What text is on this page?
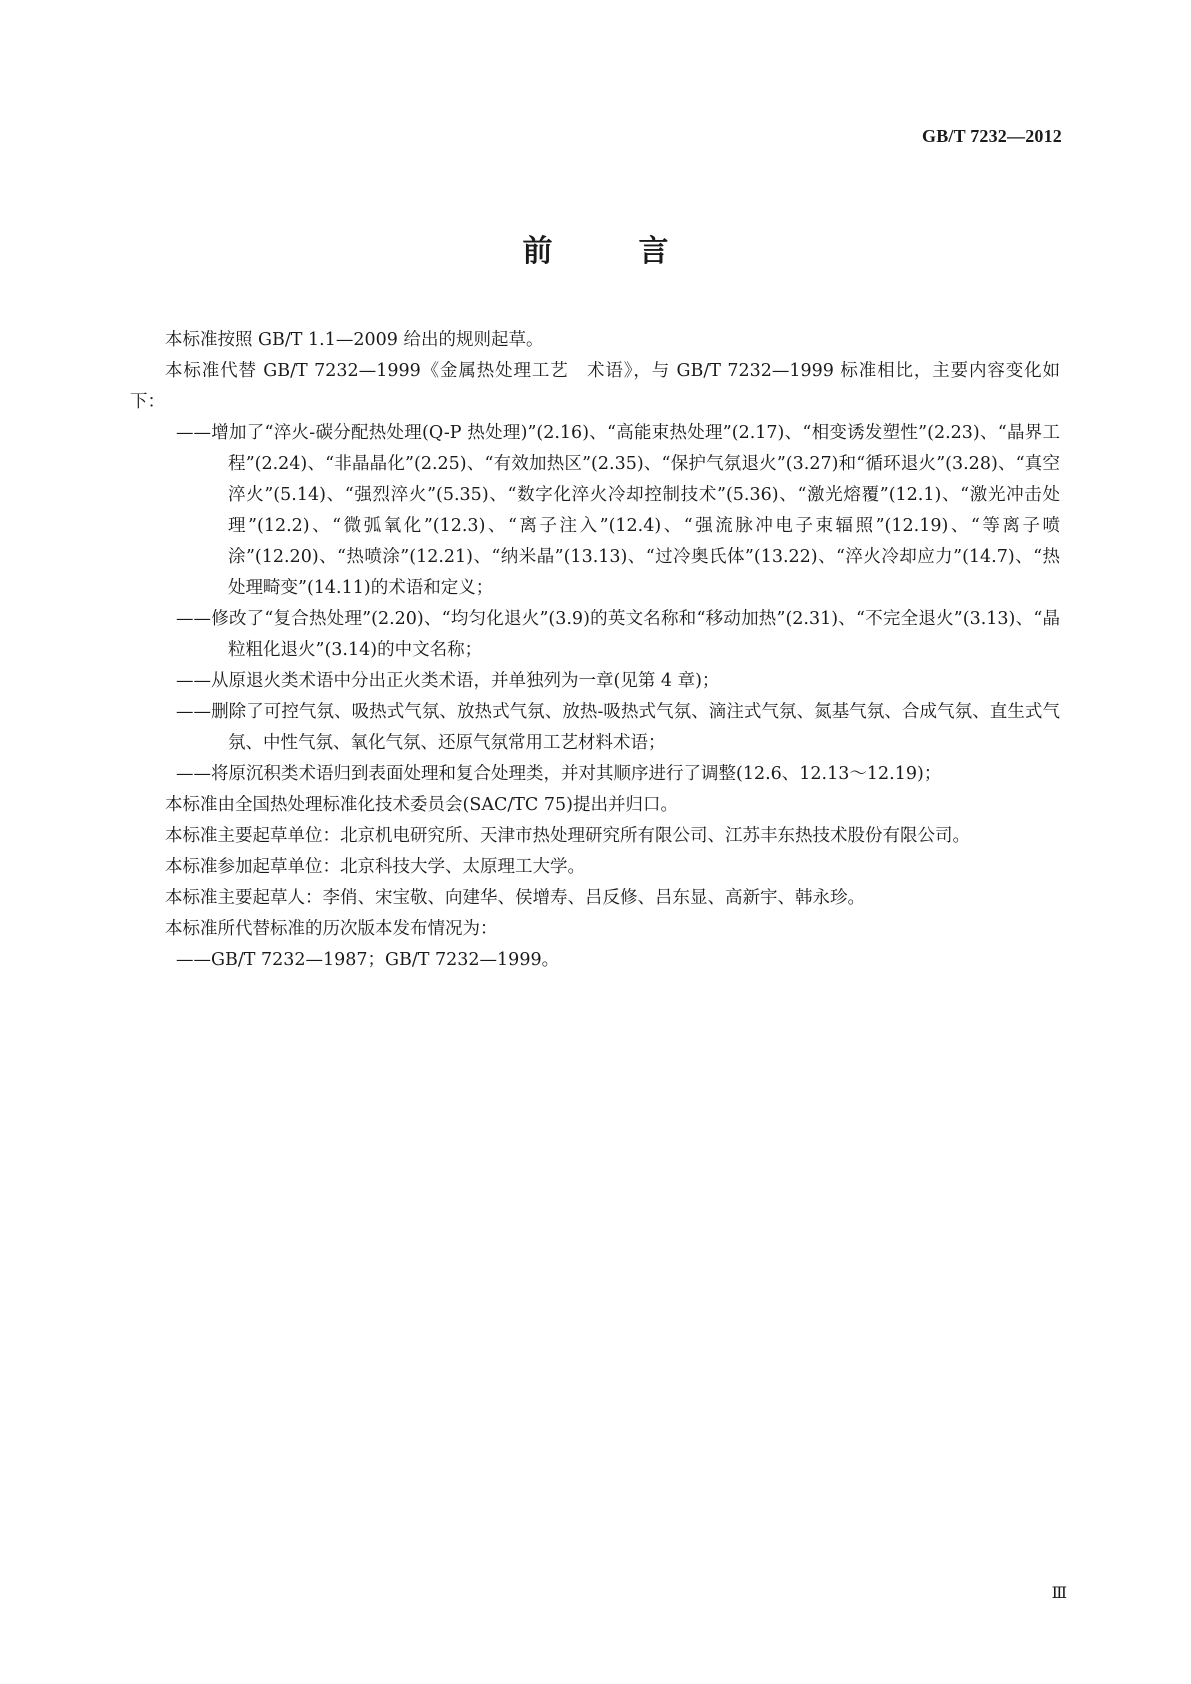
GB/T 7232—2012
前　言

本标准按照 GB/T 1.1—2009 给出的规则起草。

本标准代替 GB/T 7232—1999《金属热处理工艺　术语》，与 GB/T 7232—1999 标准相比，主要内容变化如下：

——增加了“淬火-碳分配热处理(Q-P 热处理)”(2.16)、“高能束热处理”(2.17)、“相变诱发塑性”(2.23)、“晶界工程”(2.24)、“非晶晶化”(2.25)、“有效加热区”(2.35)、“保护气氛退火”(3.27)和“循环退火”(3.28)、“真空淬火”(5.14)、“强烈淬火”(5.35)、“数字化淬火冷却控制技术”(5.36)、“激光熔覆”(12.1)、“激光冲击处理”(12.2)、“微弧氧化”(12.3)、“离子注入”(12.4)、“强流脉冲电子束辐照”(12.19)、“等离子喷涂”(12.20)、“热喷涂”(12.21)、“纳米晶”(13.13)、“过冷奥氏体”(13.22)、“淬火冷却应力”(14.7)、“热处理畸变”(14.11)的术语和定义；

——修改了“复合热处理”(2.20)、“均匀化退火”(3.9)的英文名称和“移动加热”(2.31)、“不完全退火”(3.13)、“晶粒粗化退火”(3.14)的中文名称；

——从原退火类术语中分出正火类术语，并单独列为一章(见第 4 章)；

——删除了可控气氛、吸热式气氛、放热式气氛、放热-吸热式气氛、滴注式气氛、氮基气氛、合成气氛、直生式气氛、中性气氛、氧化气氛、还原气氛常用工艺材料术语；

——将原沉积类术语归到表面处理和复合处理类，并对其顺序进行了调整(12.6、12.13～12.19)；

本标准由全国热处理标准化技术委员会(SAC/TC 75)提出并归口。

本标准主要起草单位：北京机电研究所、天津市热处理研究所有限公司、江苏丰东热技术股份有限公司。

本标准参加起草单位：北京科技大学、太原理工大学。

本标准主要起草人：李俏、宋宝敬、向建华、侯增寿、吕反修、吕东显、高新宇、韩永珍。

本标准所代替标准的历次版本发布情况为：

——GB/T 7232—1987；GB/T 7232—1999。

Ⅲ
